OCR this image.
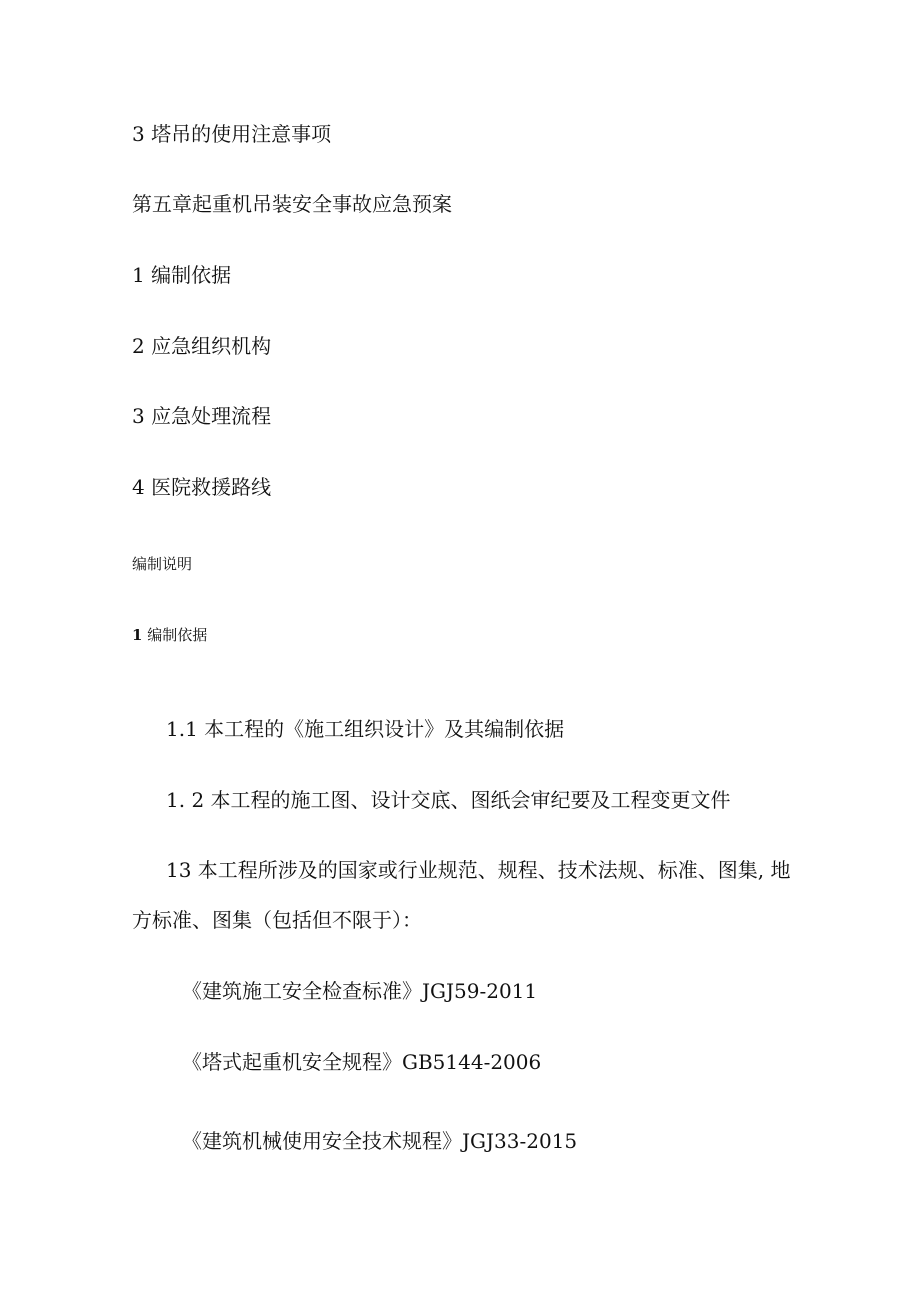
3 塔吊的使用注意事项
第五章起重机吊装安全事故应急预案
1 编制依据
2 应急组织机构
3 应急处理流程
4 医院救援路线
编制说明
1 编制依据
1.1 本工程的《施工组织设计》及其编制依据
1. 2 本工程的施工图、设计交底、图纸会审纪要及工程变更文件
13 本工程所涉及的国家或行业规范、规程、技术法规、标准、图集, 地
方标准、图集（包括但不限于）：
《建筑施工安全检查标准》JGJ59-2011
《塔式起重机安全规程》GB5144-2006
《建筑机械使用安全技术规程》JGJ33-2015
